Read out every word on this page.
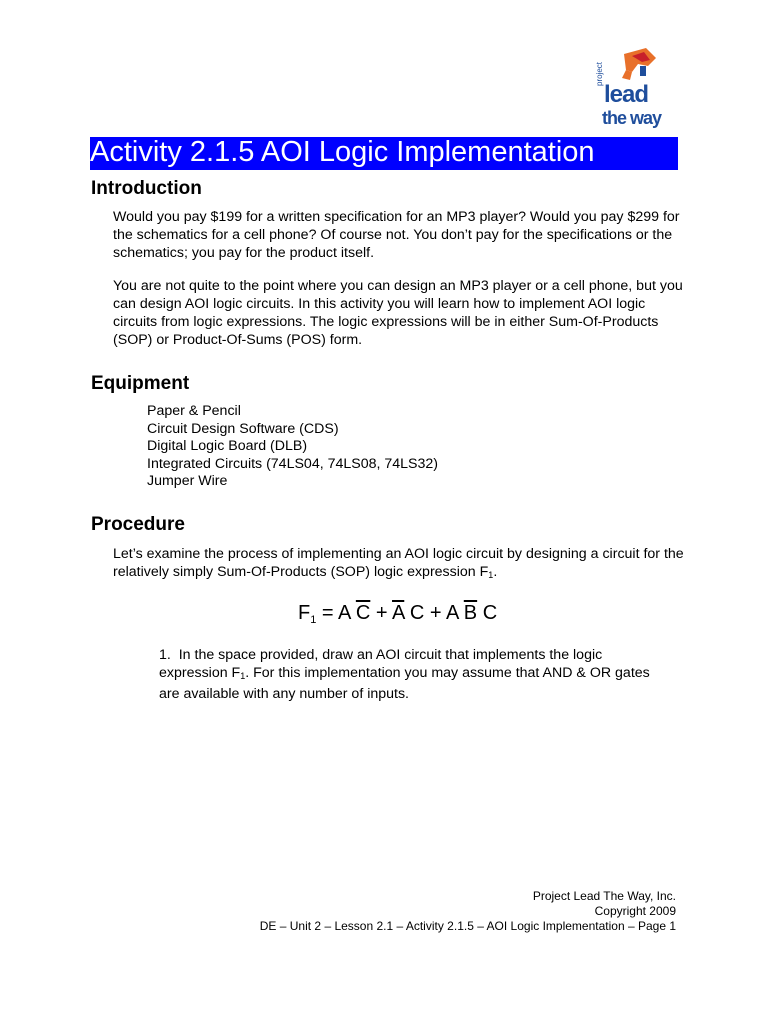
project
lead
the way
Activity 2.1.5 AOI Logic Implementation
Introduction
Would you pay $199 for a written specification for an MP3 player? Would you pay $299 for the schematics for a cell phone? Of course not. You don’t pay for the specifications or the schematics; you pay for the product itself.
You are not quite to the point where you can design an MP3 player or a cell phone, but you can design AOI logic circuits. In this activity you will learn how to implement AOI logic circuits from logic expressions. The logic expressions will be in either Sum-Of-Products (SOP) or Product-Of-Sums (POS) form.
Equipment
Paper & Pencil
Circuit Design Software (CDS)
Digital Logic Board (DLB)
Integrated Circuits (74LS04, 74LS08, 74LS32)
Jumper Wire
Procedure
Let’s examine the process of implementing an AOI logic circuit by designing a circuit for the relatively simply Sum-Of-Products (SOP) logic expression $F_1$.
$F_1 = A$ $\overline{C} + \overline{A}$ C + A $\overline{B}$ C
1. In the space provided, draw an AOI circuit that implements the logic expression $F_1$. For this implementation you may assume that AND & OR gates are available with any number of inputs.
Project Lead The Way, Inc.
Copyright 2009
DE – Unit 2 – Lesson 2.1 – Activity 2.1.5 – AOI Logic Implementation – Page 1
